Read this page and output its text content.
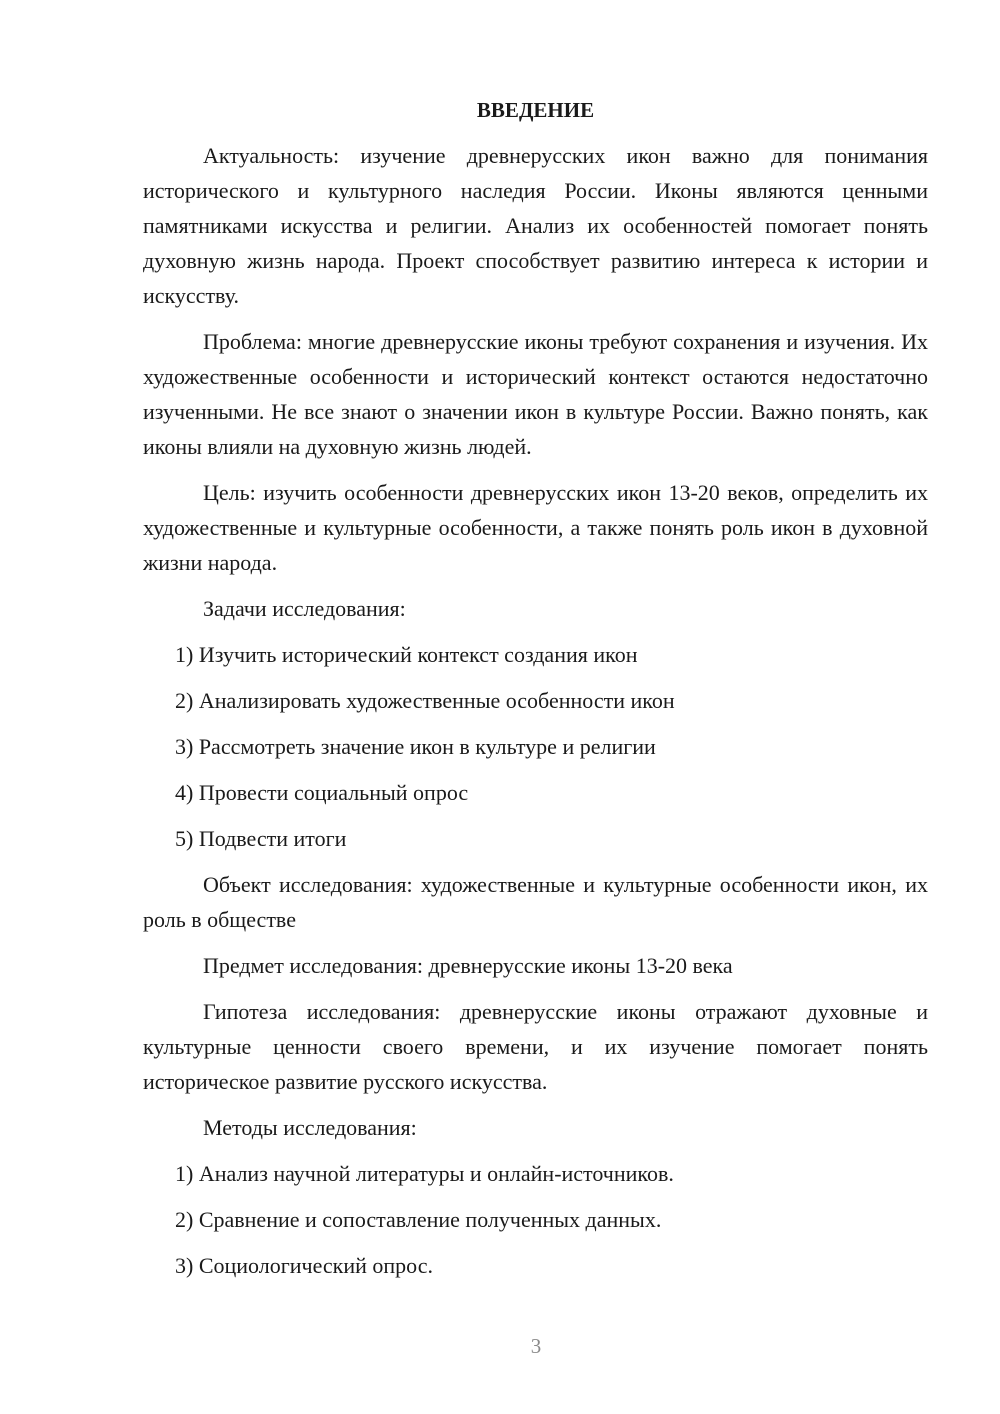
ВВЕДЕНИЕ

Актуальность: изучение древнерусских икон важно для понимания исторического и культурного наследия России. Иконы являются ценными памятниками искусства и религии. Анализ их особенностей помогает понять духовную жизнь народа. Проект способствует развитию интереса к истории и искусству.

Проблема: многие древнерусские иконы требуют сохранения и изучения. Их художественные особенности и исторический контекст остаются недостаточно изученными. Не все знают о значении икон в культуре России. Важно понять, как иконы влияли на духовную жизнь людей.

Цель: изучить особенности древнерусских икон 13-20 веков, определить их художественные и культурные особенности, а также понять роль икон в духовной жизни народа.

Задачи исследования:

1) Изучить исторический контекст создания икон
2) Анализировать художественные особенности икон
3) Рассмотреть значение икон в культуре и религии
4) Провести социальный опрос
5) Подвести итоги

Объект исследования: художественные и культурные особенности икон, их роль в обществе

Предмет исследования: древнерусские иконы 13-20 века

Гипотеза исследования: древнерусские иконы отражают духовные и культурные ценности своего времени, и их изучение помогает понять историческое развитие русского искусства.

Методы исследования:

1) Анализ научной литературы и онлайн-источников.
2) Сравнение и сопоставление полученных данных.
3) Социологический опрос.
3
